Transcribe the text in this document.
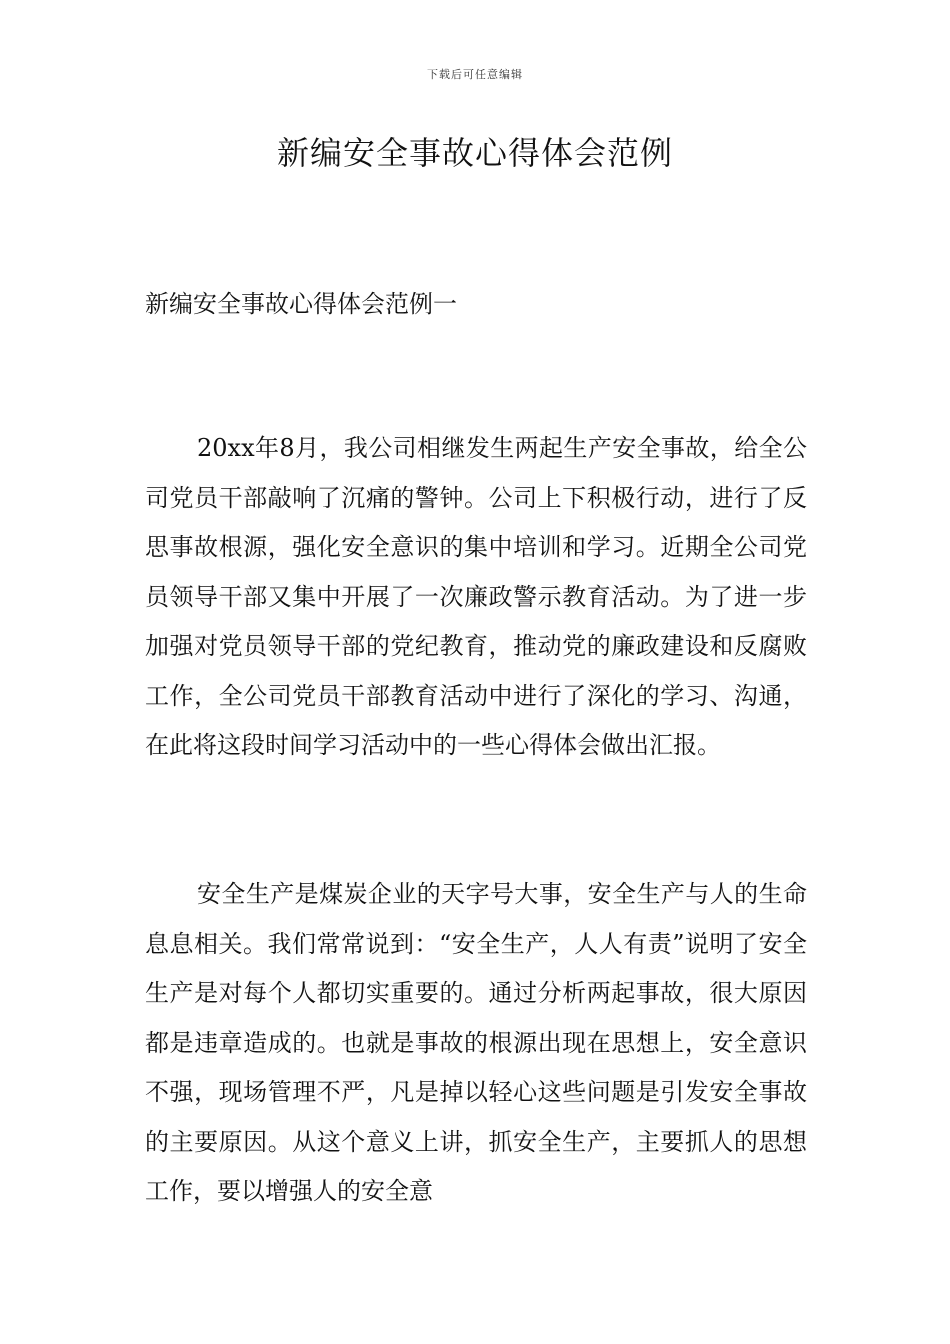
下载后可任意编辑
新编安全事故心得体会范例

新编安全事故心得体会范例一

20xx年8月，我公司相继发生两起生产安全事故，给全公司党员干部敲响了沉痛的警钟。公司上下积极行动，进行了反思事故根源，强化安全意识的集中培训和学习。近期全公司党员领导干部又集中开展了一次廉政警示教育活动。为了进一步加强对党员领导干部的党纪教育，推动党的廉政建设和反腐败工作，全公司党员干部教育活动中进行了深化的学习、沟通，在此将这段时间学习活动中的一些心得体会做出汇报。

安全生产是煤炭企业的天字号大事，安全生产与人的生命息息相关。我们常常说到：“安全生产，人人有责”说明了安全生产是对每个人都切实重要的。通过分析两起事故，很大原因都是违章造成的。也就是事故的根源出现在思想上，安全意识不强，现场管理不严，凡是掉以轻心这些问题是引发安全事故的主要原因。从这个意义上讲，抓安全生产，主要抓人的思想工作，要以增强人的安全意
